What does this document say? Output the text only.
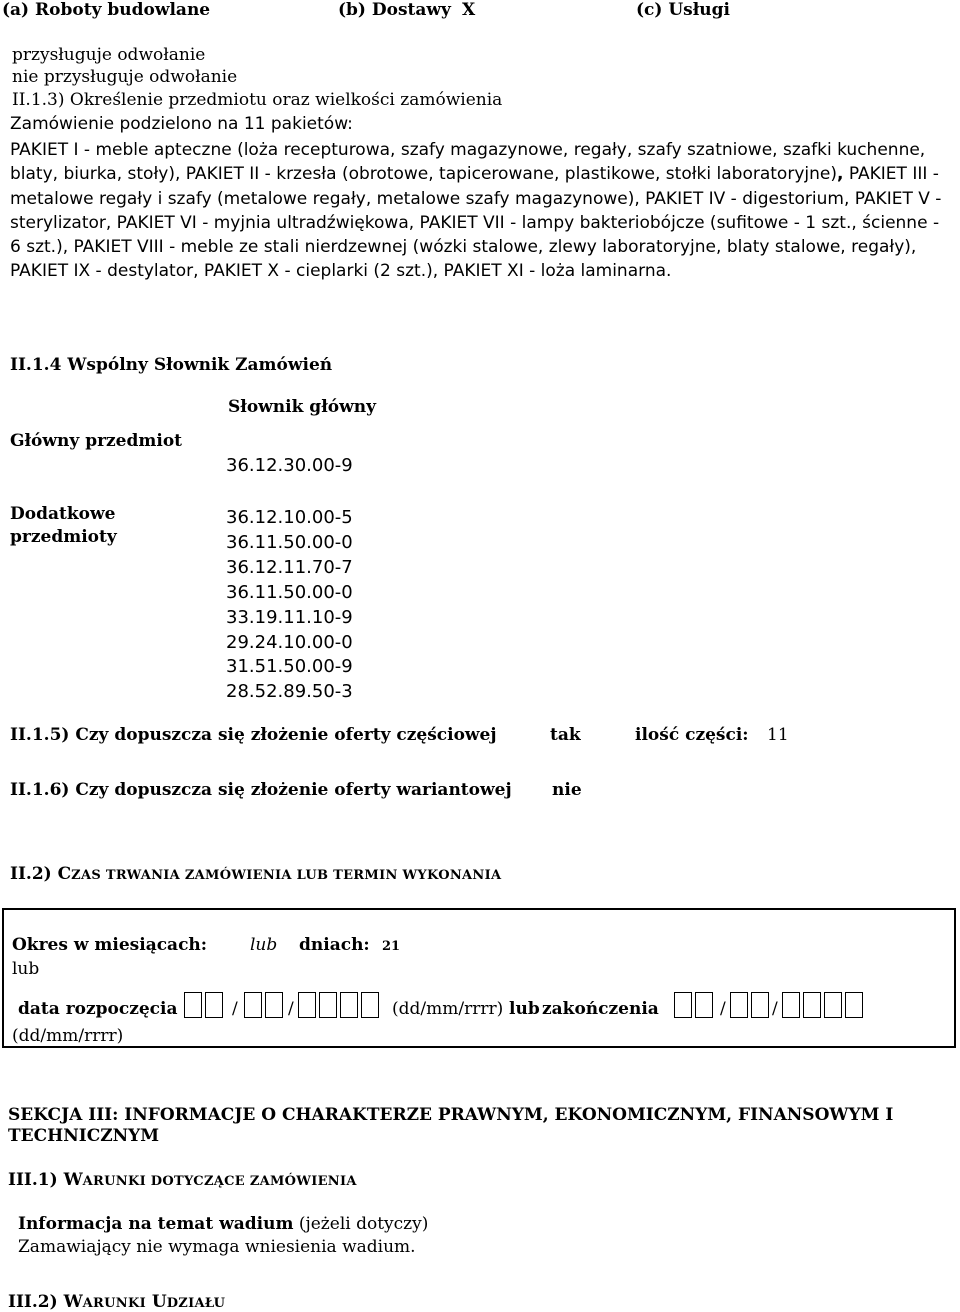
(a) Roboty budowlane	(b) Dostawy X	(c) Usługi
przysługuje odwołanie
nie przysługuje odwołanie
II.1.3) Określenie przedmiotu oraz wielkości zamówienia
Zamówienie podzielono na 11 pakietów:
PAKIET I - meble apteczne (loża recepturowa, szafy magazynowe, regały, szafy szatniowe, szafki kuchenne, blaty, biurka, stoły), PAKIET II - krzesła (obrotowe, tapicerowane, plastikowe, stołki laboratoryjne), PAKIET III - metalowe regały i szafy (metalowe regały, metalowe szafy magazynowe), PAKIET IV - digestorium, PAKIET V - sterylizator, PAKIET VI - myjnia ultradźwiękowa, PAKIET VII - lampy bakteriobójcze (sufitowe - 1 szt., ścienne - 6 szt.), PAKIET VIII - meble ze stali nierdzewnej (wózki stalowe, zlewy laboratoryjne, blaty stalowe, regały), PAKIET IX - destylator, PAKIET X - cieplarki (2 szt.), PAKIET XI - loża laminarna.
II.1.4 Wspólny Słownik Zamówień
Słownik główny
Główny przedmiot
36.12.30.00-9
Dodatkowe
przedmioty
36.12.10.00-5
36.11.50.00-0
36.12.11.70-7
36.11.50.00-0
33.19.11.10-9
29.24.10.00-0
31.51.50.00-9
28.52.89.50-3
II.1.5) Czy dopuszcza się złożenie oferty częściowej	tak	ilość części: 11
II.1.6) Czy dopuszcza się złożenie oferty wariantowej nie
II.2) CZAS TRWANIA ZAMÓWIENIA LUB TERMIN WYKONANIA
Okres w miesiącach:	lub dniach: 21
lub
data rozpoczęcia	/	/	(dd/mm/rrrr) lub zakończenia	/	/
(dd/mm/rrrr)
SEKCJA III: INFORMACJE O CHARAKTERZE PRAWNYM, EKONOMICZNYM, FINANSOWYM I TECHNICZNYM
III.1) WARUNKI DOTYCZĄCE ZAMÓWIENIA
Informacja na temat wadium (jeżeli dotyczy)
Zamawiający nie wymaga wniesienia wadium.
III.2) WARUNKI UDZIAŁU
